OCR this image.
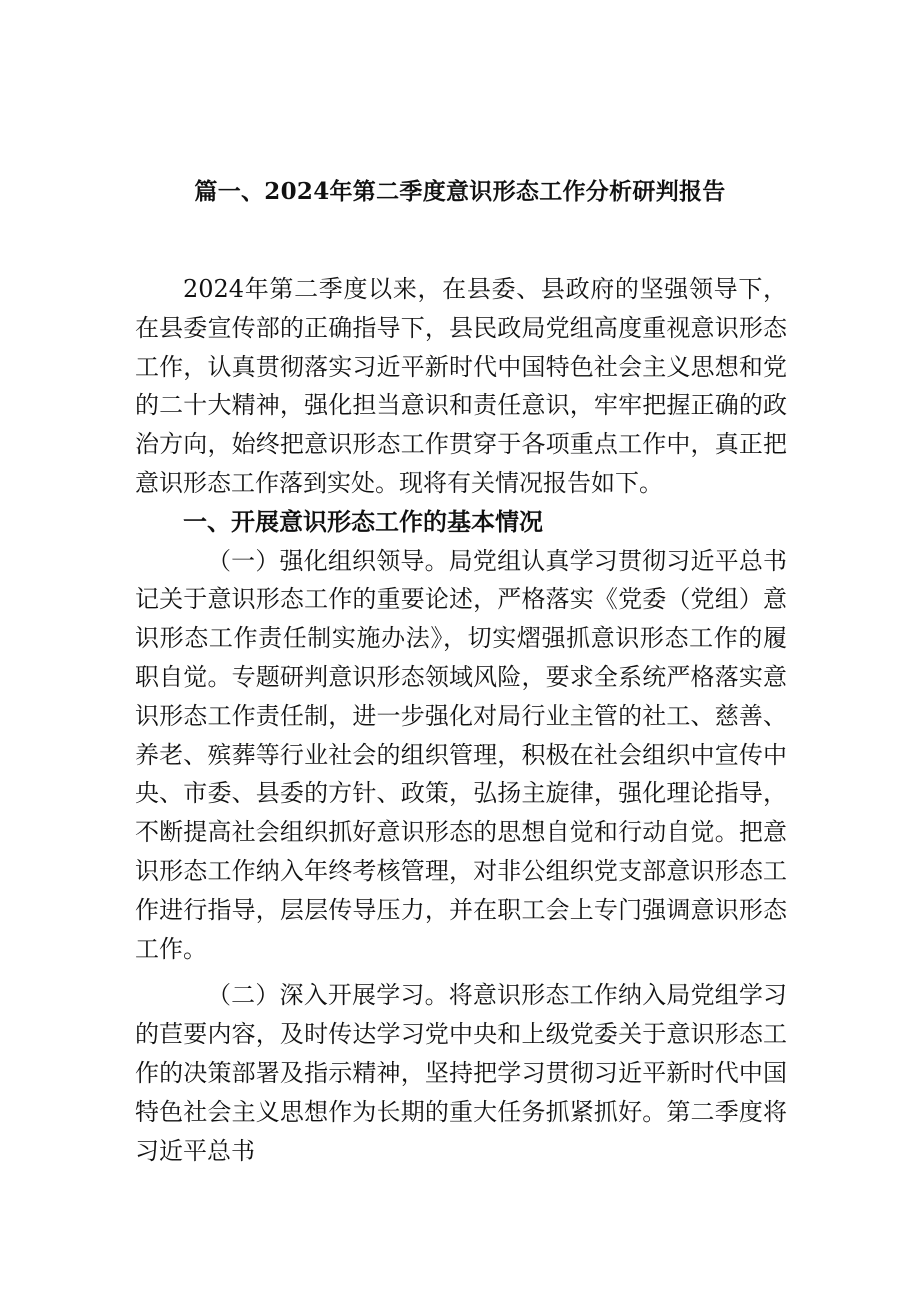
篇一、2024年第二季度意识形态工作分析研判报告

2024年第二季度以来，在县委、县政府的坚强领导下，在县委宣传部的正确指导下，县民政局党组高度重视意识形态工作，认真贯彻落实习近平新时代中国特色社会主义思想和党的二十大精神，强化担当意识和责任意识，牢牢把握正确的政治方向，始终把意识形态工作贯穿于各项重点工作中，真正把意识形态工作落到实处。现将有关情况报告如下。

一、开展意识形态工作的基本情况

（一）强化组织领导。局党组认真学习贯彻习近平总书记关于意识形态工作的重要论述，严格落实《党委（党组）意识形态工作责任制实施办法》，切实熠强抓意识形态工作的履职自觉。专题研判意识形态领域风险，要求全系统严格落实意识形态工作责任制，进一步强化对局行业主管的社工、慈善、养老、殡葬等行业社会的组织管理，积极在社会组织中宣传中央、市委、县委的方针、政策，弘扬主旋律，强化理论指导，不断提高社会组织抓好意识形态的思想自觉和行动自觉。把意识形态工作纳入年终考核管理，对非公组织党支部意识形态工作进行指导，层层传导压力，并在职工会上专门强调意识形态工作。

（二）深入开展学习。将意识形态工作纳入局党组学习的苣要内容，及时传达学习党中央和上级党委关于意识形态工作的决策部署及指示精神，坚持把学习贯彻习近平新时代中国特色社会主义思想作为长期的重大任务抓紧抓好。第二季度将习近平总书
